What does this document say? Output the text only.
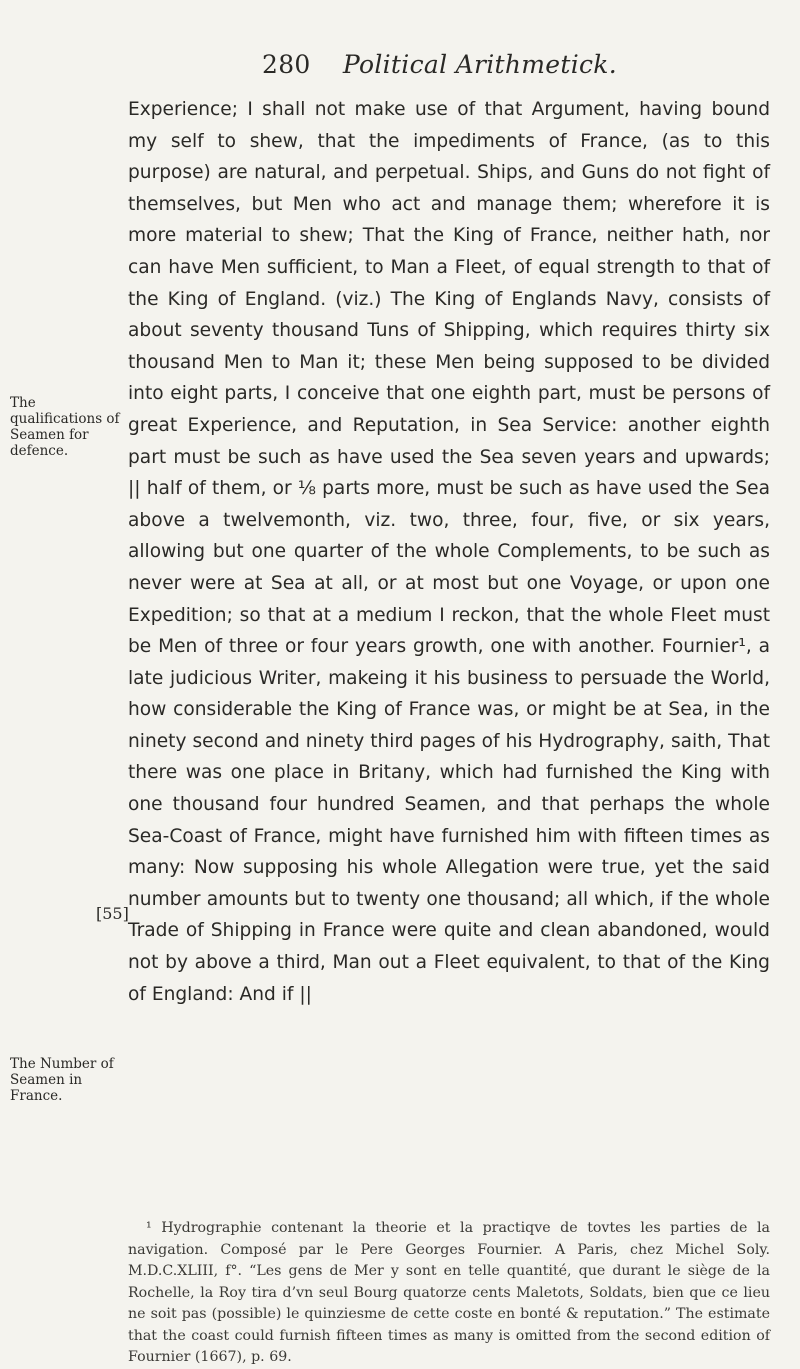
280 Political Arithmetick.
The qualifications of Seamen for defence.
[55]
The Number of Seamen in France.

Experience; I shall not make use of that Argument, having bound my self to shew, that the impediments of France, (as to this purpose) are natural, and perpetual. Ships, and Guns do not fight of themselves, but Men who act and manage them; wherefore it is more material to shew; That the King of France, neither hath, nor can have Men sufficient, to Man a Fleet, of equal strength to that of the King of England. (viz.) The King of Englands Navy, consists of about seventy thousand Tuns of Shipping, which requires thirty six thousand Men to Man it; these Men being supposed to be divided into eight parts, I conceive that one eighth part, must be persons of great Experience, and Reputation, in Sea Service: another eighth part must be such as have used the Sea seven years and upwards; || half of them, or ⅛ parts more, must be such as have used the Sea above a twelvemonth, viz. two, three, four, five, or six years, allowing but one quarter of the whole Complements, to be such as never were at Sea at all, or at most but one Voyage, or upon one Expedition; so that at a medium I reckon, that the whole Fleet must be Men of three or four years growth, one with another. Fournier¹, a late judicious Writer, makeing it his business to persuade the World, how considerable the King of France was, or might be at Sea, in the ninety second and ninety third pages of his Hydrography, saith, That there was one place in Britany, which had furnished the King with one thousand four hundred Seamen, and that perhaps the whole Sea-Coast of France, might have furnished him with fifteen times as many: Now supposing his whole Allegation were true, yet the said number amounts but to twenty one thousand; all which, if the whole Trade of Shipping in France were quite and clean abandoned, would not by above a third, Man out a Fleet equivalent, to that of the King of England: And if ||

¹ Hydrographie contenant la theorie et la practiqve de tovtes les parties de la navigation. Composé par le Pere Georges Fournier. A Paris, chez Michel Soly. M.D.C.XLIII, f°. “Les gens de Mer y sont en telle quantité, que durant le siège de la Rochelle, la Roy tira d’vn seul Bourg quatorze cents Maletots, Soldats, bien que ce lieu ne soit pas (possible) le quinziesme de cette coste en bonté & reputation.” The estimate that the coast could furnish fifteen times as many is omitted from the second edition of Fournier (1667), p. 69.
